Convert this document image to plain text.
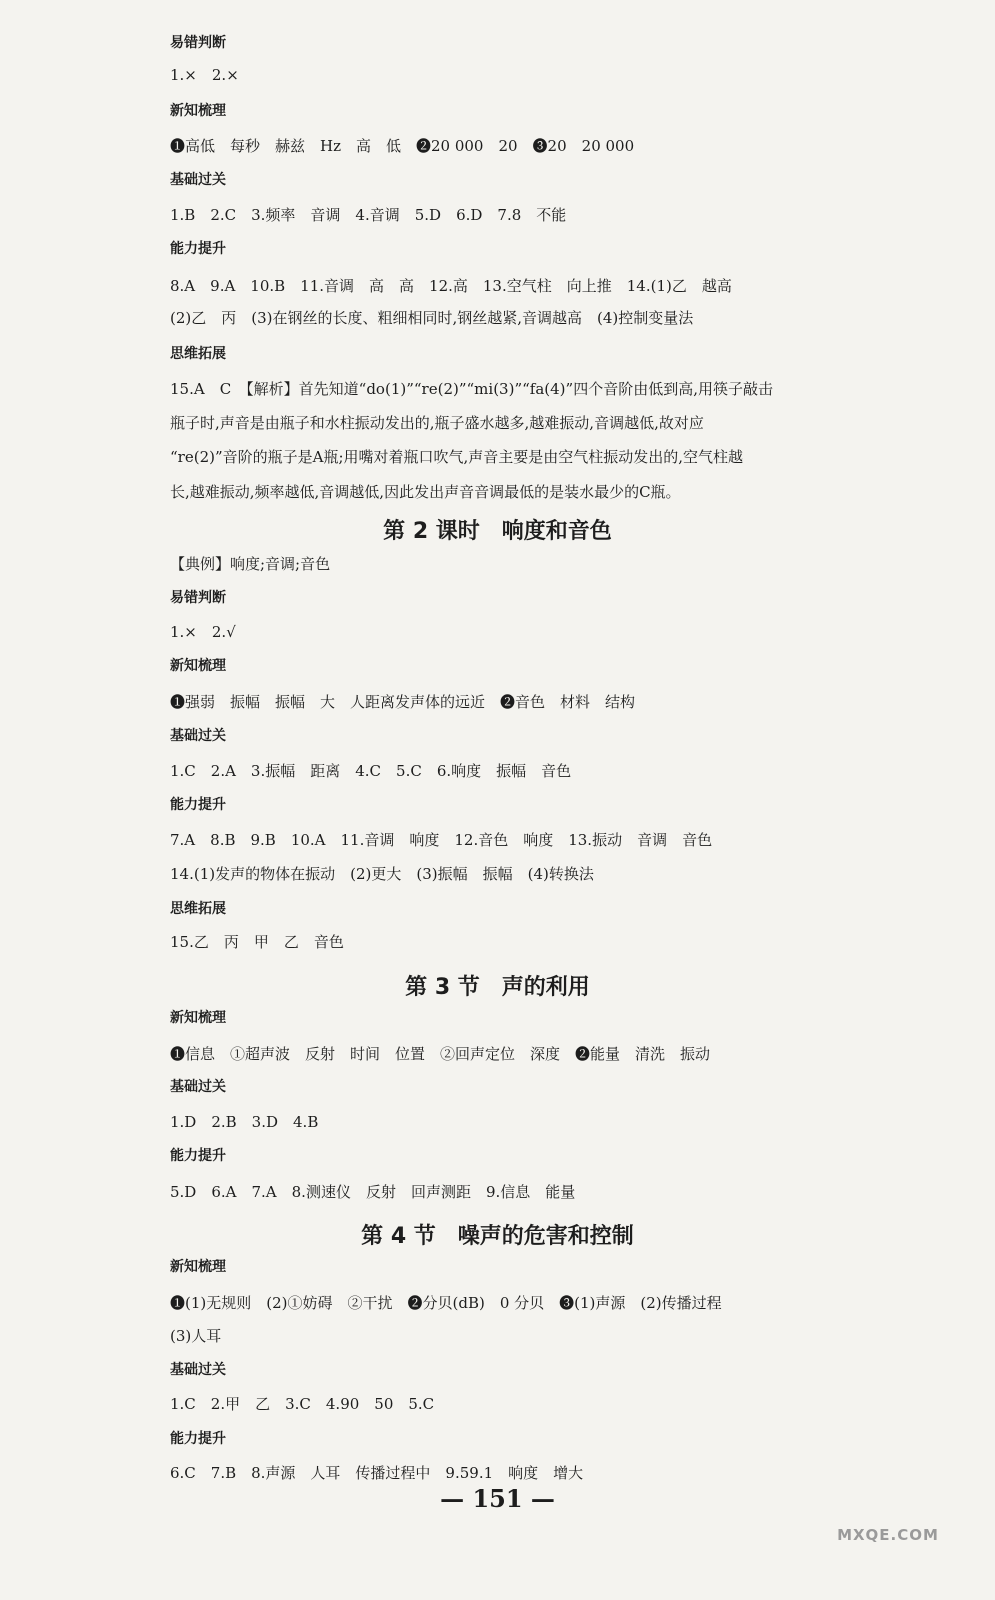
易错判断
1.×　2.×
新知梳理
❶高低　每秒　赫兹　Hz　高　低　❷20 000　20　❸20　20 000
基础过关
1.B　2.C　3.频率　音调　4.音调　5.D　6.D　7.8　不能
能力提升
8.A　9.A　10.B　11.音调　高　高　12.高　13.空气柱　向上推　14.(1)乙　越高
(2)乙　丙　(3)在钢丝的长度、粗细相同时,钢丝越紧,音调越高　(4)控制变量法
思维拓展
15.A　C　【解析】首先知道“do(1)”“re(2)”“mi(3)”“fa(4)”四个音阶由低到高,用筷子敲击
瓶子时,声音是由瓶子和水柱振动发出的,瓶子盛水越多,越难振动,音调越低,故对应
“re(2)”音阶的瓶子是A瓶;用嘴对着瓶口吹气,声音主要是由空气柱振动发出的,空气柱越
长,越难振动,频率越低,音调越低,因此发出声音音调最低的是装水最少的C瓶。
第 2 课时　响度和音色
【典例】响度;音调;音色
易错判断
1.×　2.√
新知梳理
❶强弱　振幅　振幅　大　人距离发声体的远近　❷音色　材料　结构
基础过关
1.C　2.A　3.振幅　距离　4.C　5.C　6.响度　振幅　音色
能力提升
7.A　8.B　9.B　10.A　11.音调　响度　12.音色　响度　13.振动　音调　音色
14.(1)发声的物体在振动　(2)更大　(3)振幅　振幅　(4)转换法
思维拓展
15.乙　丙　甲　乙　音色
第 3 节　声的利用
新知梳理
❶信息　①超声波　反射　时间　位置　②回声定位　深度　❷能量　清洗　振动
基础过关
1.D　2.B　3.D　4.B
能力提升
5.D　6.A　7.A　8.测速仪　反射　回声测距　9.信息　能量
第 4 节　噪声的危害和控制
新知梳理
❶(1)无规则　(2)①妨碍　②干扰　❷分贝(dB)　0 分贝　❸(1)声源　(2)传播过程
(3)人耳
基础过关
1.C　2.甲　乙　3.C　4.90　50　5.C
能力提升
6.C　7.B　8.声源　人耳　传播过程中　9.59.1　响度　增大
— 151 —
MXQE.COM
